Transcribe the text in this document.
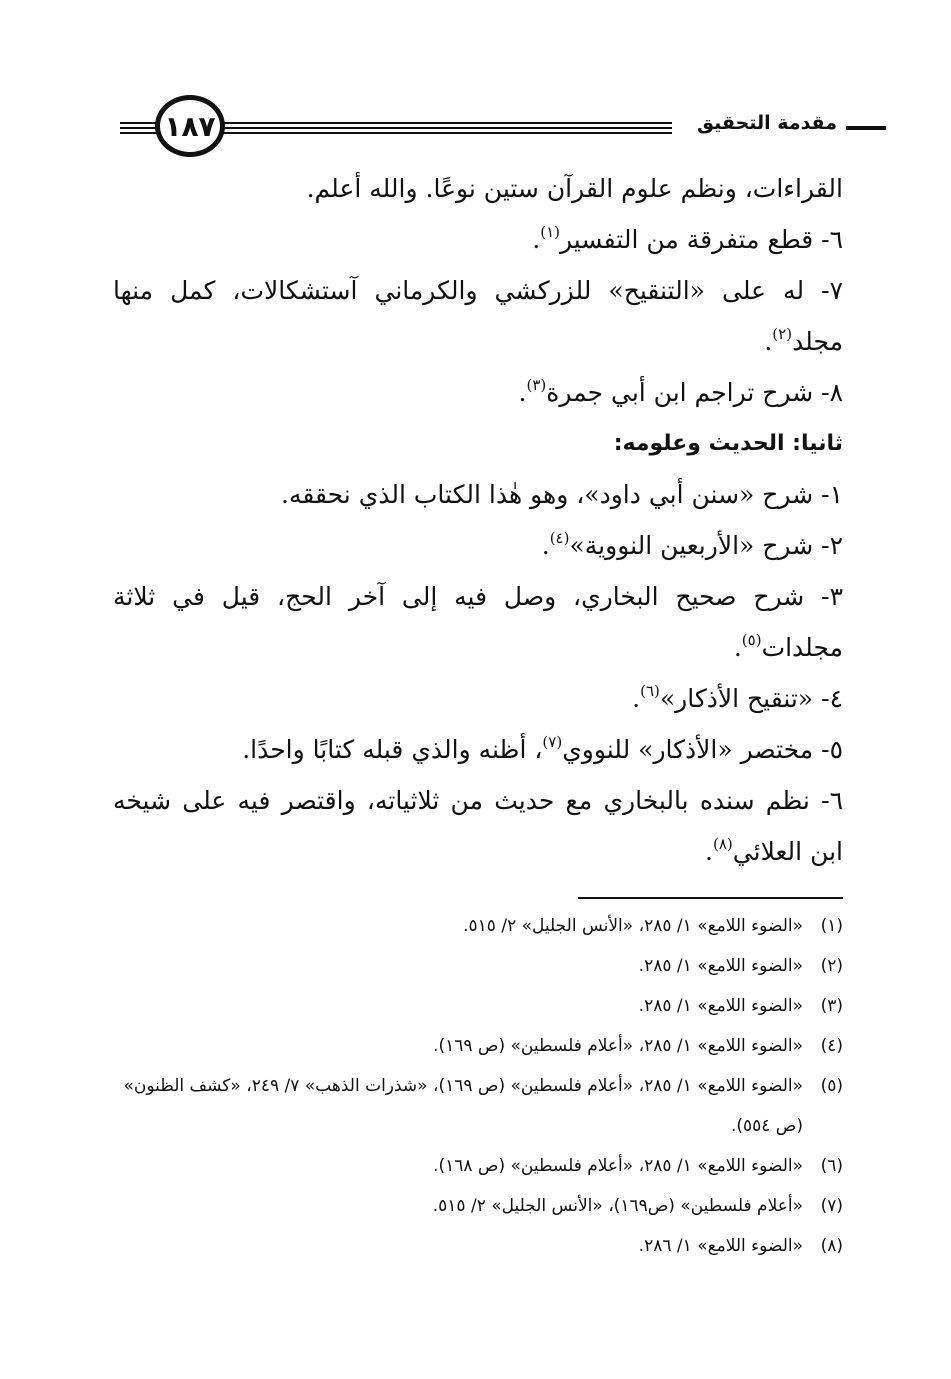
١٨٧	مقدمة التحقيق

القراءات، ونظم علوم القرآن ستين نوعًا. والله أعلم.

٦- قطع متفرقة من التفسير$^{(١)}$.

٧- له على «التنقيح» للزركشي والكرماني آستشكالات، كمل منها مجلد$^{(٢)}$.

٨- شرح تراجم ابن أبي جمرة$^{(٣)}$.

ثانيا: الحديث وعلومه:

١- شرح «سنن أبي داود»، وهو هٰذا الكتاب الذي نحققه.

٢- شرح «الأربعين النووية»$^{(٤)}$.

٣- شرح صحيح البخاري، وصل فيه إلى آخر الحج، قيل في ثلاثة مجلدات$^{(٥)}$.

٤- «تنقيح الأذكار»$^{(٦)}$.

٥- مختصر «الأذكار» للنووي$^{(٧)}$، أظنه والذي قبله كتابًا واحدًا.

٦- نظم سنده بالبخاري مع حديث من ثلاثياته، واقتصر فيه على شيخه ابن العلائي$^{(٨)}$.

(١)
«الضوء اللامع» ١/ ٢٨٥، «الأنس الجليل» ٢/ ٥١٥.
(٢)
«الضوء اللامع» ١/ ٢٨٥.
(٣)
«الضوء اللامع» ١/ ٢٨٥.
(٤)
«الضوء اللامع» ١/ ٢٨٥، «أعلام فلسطين» (ص ١٦٩).
(٥)
«الضوء اللامع» ١/ ٢٨٥، «أعلام فلسطين» (ص ١٦٩)، «شذرات الذهب» ٧/ ٢٤٩، «كشف الظنون» (ص ٥٥٤).
(٦)
«الضوء اللامع» ١/ ٢٨٥، «أعلام فلسطين» (ص ١٦٨).
(٧)
«أعلام فلسطين» (ص١٦٩)، «الأنس الجليل» ٢/ ٥١٥.
(٨)
«الضوء اللامع» ١/ ٢٨٦.
